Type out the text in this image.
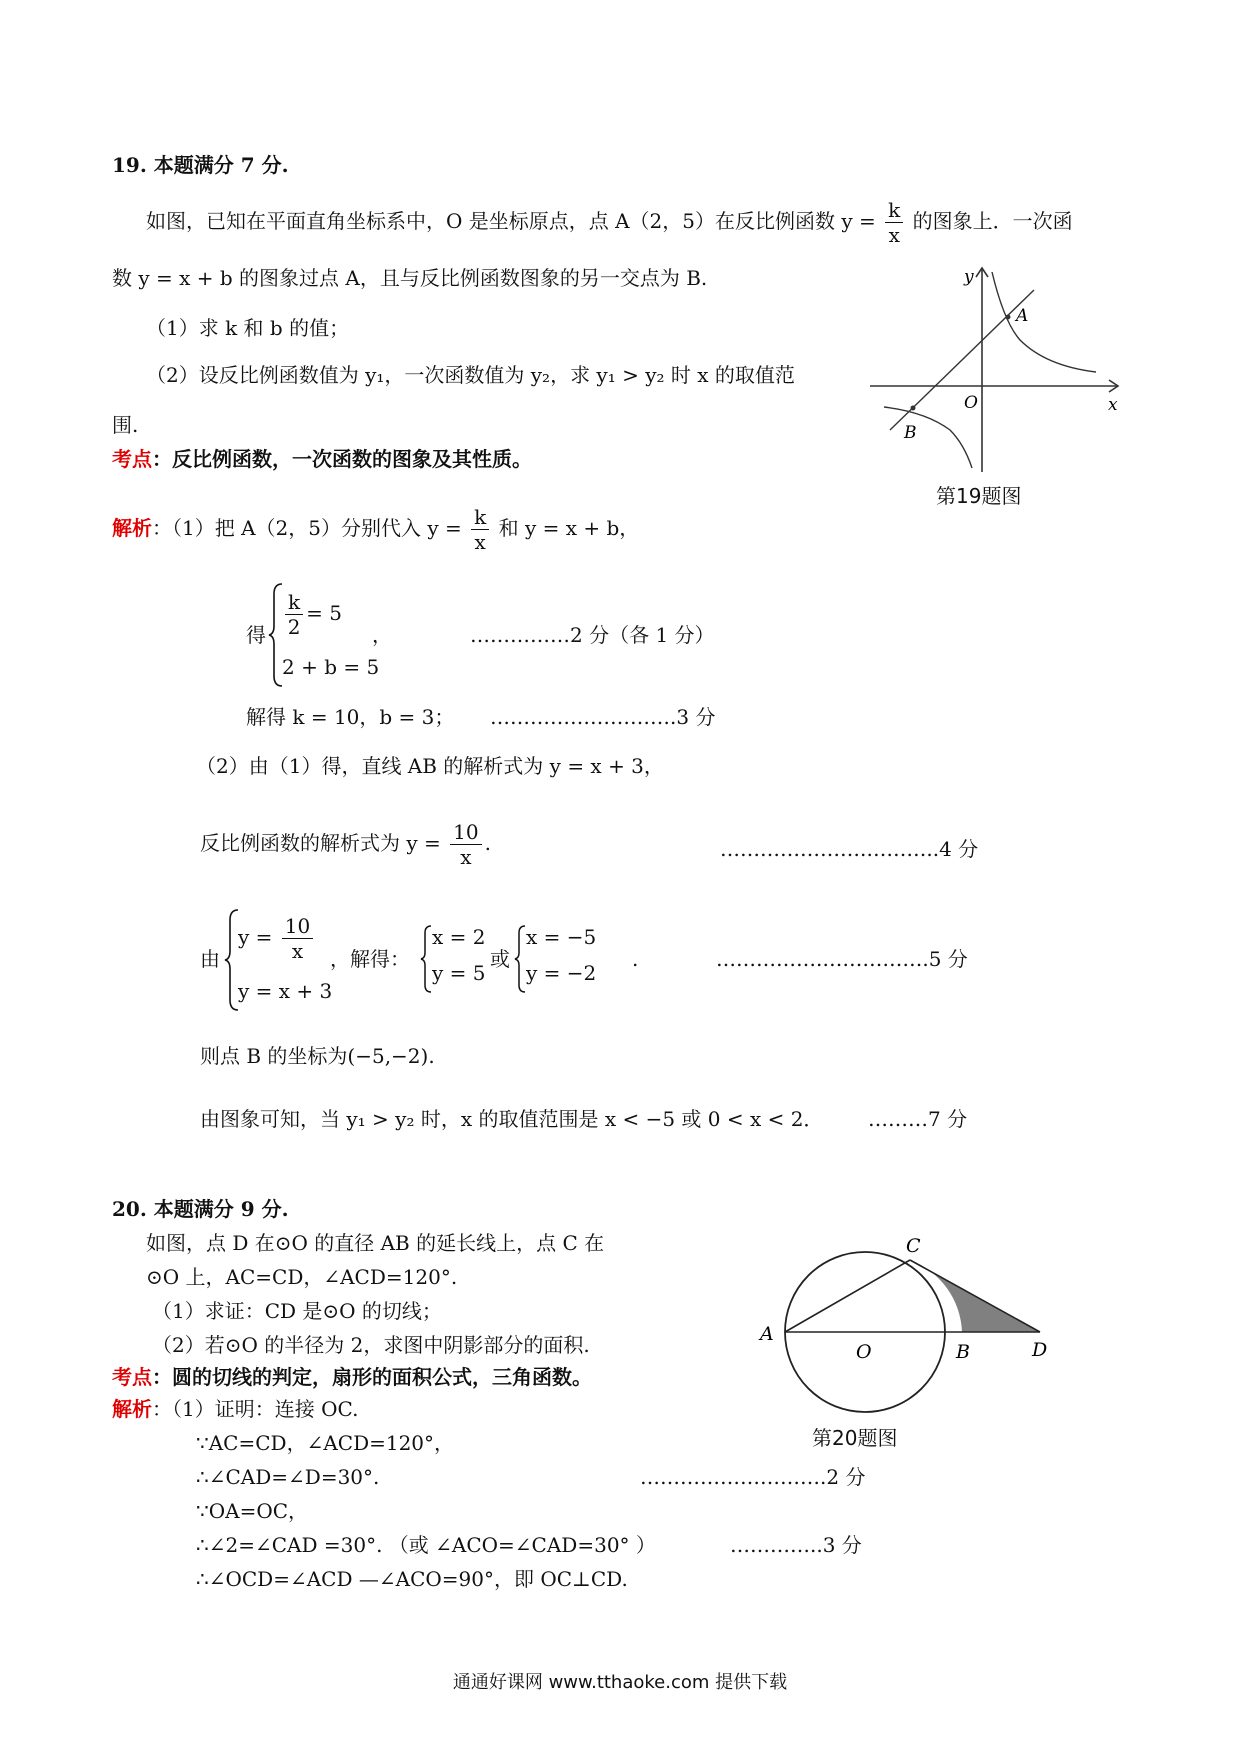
19. 本题满分 7 分.
如图，已知在平面直角坐标系中，O 是坐标原点，点 A（2，5）在反比例函数 $y = \frac{k}{x}$ 的图象上．一次函
数 y = x + b 的图象过点 A，且与反比例函数图象的另一交点为 B.
（1）求 k 和 b 的值；
（2）设反比例函数值为 y₁，一次函数值为 y₂，求 y₁ > y₂ 时 x 的取值范
围.
考点：反比例函数，一次函数的图象及其性质。
解析：（1）把 A（2，5）分别代入 $y = \frac{k}{x}$ 和 y = x + b，
得 $\frac{k}{2} = 5$
2 + b = 5
，	……………2 分（各 1 分）
解得 k = 10，b = 3； ……………………….3 分
（2）由（1）得，直线 AB 的解析式为 y = x + 3，
反比例函数的解析式为 $y = \frac{10}{x}$ .	………………….………..4 分
由
$y = \frac{10}{x}$
y = x + 3
，解得：
x = 2
y = 5
或
x = −5
y = −2
.	…………….…………….5 分
则点 B 的坐标为(−5,−2).
由图象可知，当 y₁ > y₂ 时，x 的取值范围是 x < −5 或 0 < x < 2． ………7 分
y
x
O
A
B
第19题图
20. 本题满分 9 分.
如图，点 D 在⊙O 的直径 AB 的延长线上，点 C 在
⊙O 上，AC=CD，∠ACD=120°.
（1）求证：CD 是⊙O 的切线；
（2）若⊙O 的半径为 2，求图中阴影部分的面积.
考点：圆的切线的判定，扇形的面积公式，三角函数。
解析：（1）证明：连接 OC.
∵AC=CD，∠ACD=120°，
∴∠CAD=∠D=30°.	……………………….2 分
∵OA=OC，
∴∠2=∠CAD =30°. （或 ∠ACO=∠CAD=30° ）	…………..3 分
∴∠OCD=∠ACD —∠ACO=90°，即 OC⊥CD.
A
O	B
C
D
第20题图
通通好课网 www.tthaoke.com 提供下载
